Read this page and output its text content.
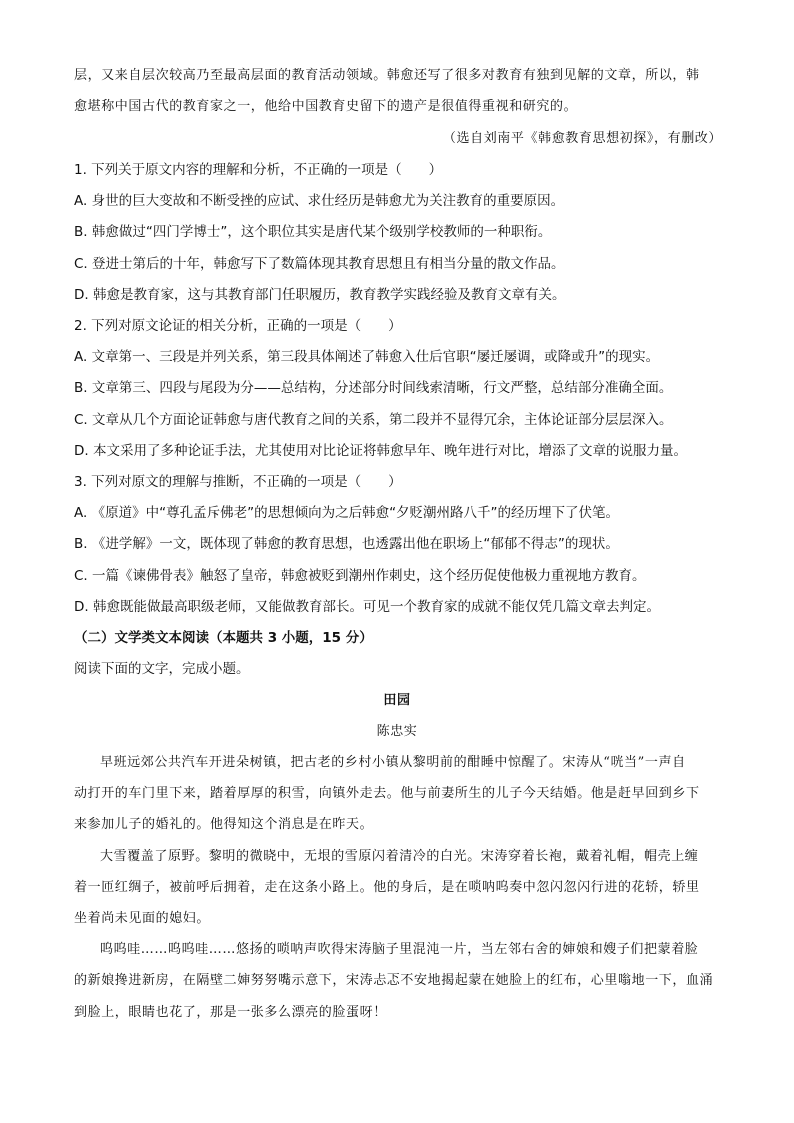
层，又来自层次较高乃至最高层面的教育活动领域。韩愈还写了很多对教育有独到见解的文章，所以，韩
愈堪称中国古代的教育家之一，他给中国教育史留下的遗产是很值得重视和研究的。
（选自刘南平《韩愈教育思想初探》，有删改）
1. 下列关于原文内容的理解和分析，不正确的一项是（　　）
A. 身世的巨大变故和不断受挫的应试、求仕经历是韩愈尤为关注教育的重要原因。
B. 韩愈做过“四门学博士”，这个职位其实是唐代某个级别学校教师的一种职衔。
C. 登进士第后的十年，韩愈写下了数篇体现其教育思想且有相当分量的散文作品。
D. 韩愈是教育家，这与其教育部门任职履历，教育教学实践经验及教育文章有关。
2. 下列对原文论证的相关分析，正确的一项是（　　）
A. 文章第一、三段是并列关系，第三段具体阐述了韩愈入仕后官职“屡迁屡调，或降或升”的现实。
B. 文章第三、四段与尾段为分——总结构，分述部分时间线索清晰，行文严整，总结部分准确全面。
C. 文章从几个方面论证韩愈与唐代教育之间的关系，第二段并不显得冗余，主体论证部分层层深入。
D. 本文采用了多种论证手法，尤其使用对比论证将韩愈早年、晚年进行对比，增添了文章的说服力量。
3. 下列对原文的理解与推断，不正确的一项是（　　）
A. 《原道》中“尊孔孟斥佛老”的思想倾向为之后韩愈“夕贬潮州路八千”的经历埋下了伏笔。
B. 《进学解》一文，既体现了韩愈的教育思想，也透露出他在职场上“郁郁不得志”的现状。
C. 一篇《谏佛骨表》触怒了皇帝，韩愈被贬到潮州作刺史，这个经历促使他极力重视地方教育。
D. 韩愈既能做最高职级老师，又能做教育部长。可见一个教育家的成就不能仅凭几篇文章去判定。
（二）文学类文本阅读（本题共 3 小题，15 分）
阅读下面的文字，完成小题。
田园
陈忠实
早班远郊公共汽车开进朵树镇，把古老的乡村小镇从黎明前的酣睡中惊醒了。宋涛从“咣当”一声自
动打开的车门里下来，踏着厚厚的积雪，向镇外走去。他与前妻所生的儿子今天结婚。他是赶早回到乡下
来参加儿子的婚礼的。他得知这个消息是在昨天。
大雪覆盖了原野。黎明的微晓中，无垠的雪原闪着清冷的白光。宋涛穿着长袍，戴着礼帽，帽壳上缠
着一匝红绸子，被前呼后拥着，走在这条小路上。他的身后，是在唢呐呜奏中忽闪忽闪行进的花轿，轿里
坐着尚未见面的媳妇。
呜呜哇……呜呜哇……悠扬的唢呐声吹得宋涛脑子里混沌一片，当左邻右舍的婶娘和嫂子们把蒙着脸
的新娘搀进新房，在隔壁二婶努努嘴示意下，宋涛忐忑不安地揭起蒙在她脸上的红布，心里嗡地一下，血涌
到脸上，眼睛也花了，那是一张多么漂亮的脸蛋呀！
